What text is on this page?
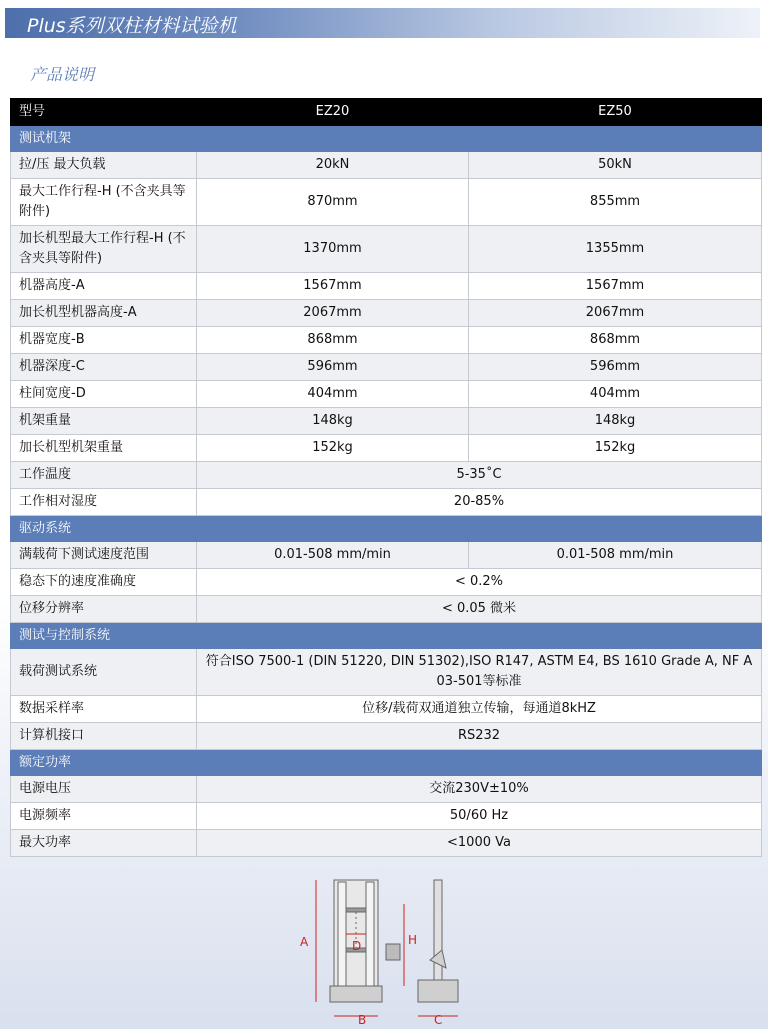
Plus系列双柱材料试验机
产品说明
型号	EZ20	EZ50
测试机架		
拉/压 最大负载	20kN	50kN
最大工作行程-H (不含夹具等附件)	870mm	855mm
加长机型最大工作行程-H (不含夹具等附件)	1370mm	1355mm
机器高度-A	1567mm	1567mm
加长机型机器高度-A	2067mm	2067mm
机器宽度-B	868mm	868mm
机器深度-C	596mm	596mm
柱间宽度-D	404mm	404mm
机架重量	148kg	148kg
加长机型机架重量	152kg	152kg
工作温度	5-35˚C	
工作相对湿度	20-85%	
驱动系统		
满载荷下测试速度范围	0.01-508 mm/min	0.01-508 mm/min
稳态下的速度准确度	< 0.2%	
位移分辨率	< 0.05 微米	
测试与控制系统		
载荷测试系统	符合ISO 7500-1 (DIN 51220, DIN 51302),ISO R147, ASTM E4, BS 1610 Grade A, NF A 03-501等标准	
数据采样率	位移/载荷双通道独立传输，每通道8kHZ	
计算机接口	RS232	
额定功率		
电源电压	交流230V±10%	
电源频率	50/60 Hz	
最大功率	<1000 Va	
A	H
D
B	C
